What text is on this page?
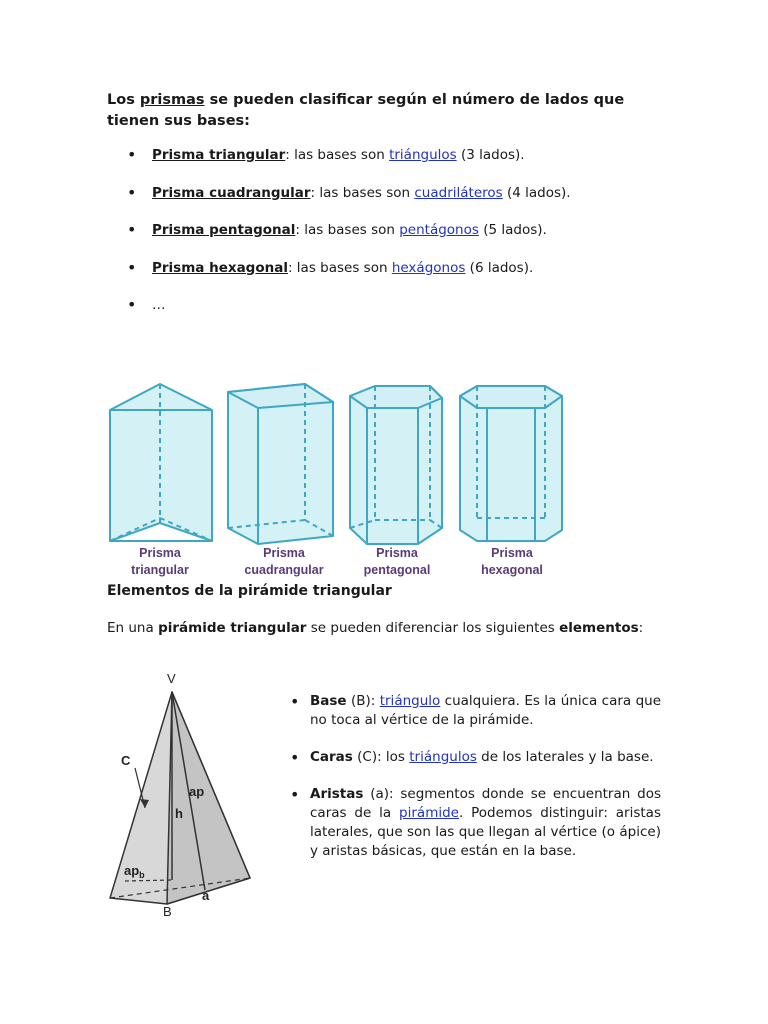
Los prismas se pueden clasificar según el número de lados que tienen sus bases:
• Prisma triangular: las bases son triángulos (3 lados).
• Prisma cuadrangular: las bases son cuadriláteros (4 lados).
• Prisma pentagonal: las bases son pentágonos (5 lados).
• Prisma hexagonal: las bases son hexágonos (6 lados).
• …
Prisma
triangular
Prisma
cuadrangular
Prisma
pentagonal
Prisma
hexagonal
Elementos de la pirámide triangular
En una pirámide triangular se pueden diferenciar los siguientes elementos:
V
C
ap
h
$ap_b$
B
a
• Base (B): triángulo cualquiera. Es la única cara que no toca al vértice de la pirámide.
• Caras (C): los triángulos de los laterales y la base.
• Aristas (a): segmentos donde se encuentran dos caras de la pirámide. Podemos distinguir: aristas laterales, que son las que llegan al vértice (o ápice) y aristas básicas, que están en la base.
